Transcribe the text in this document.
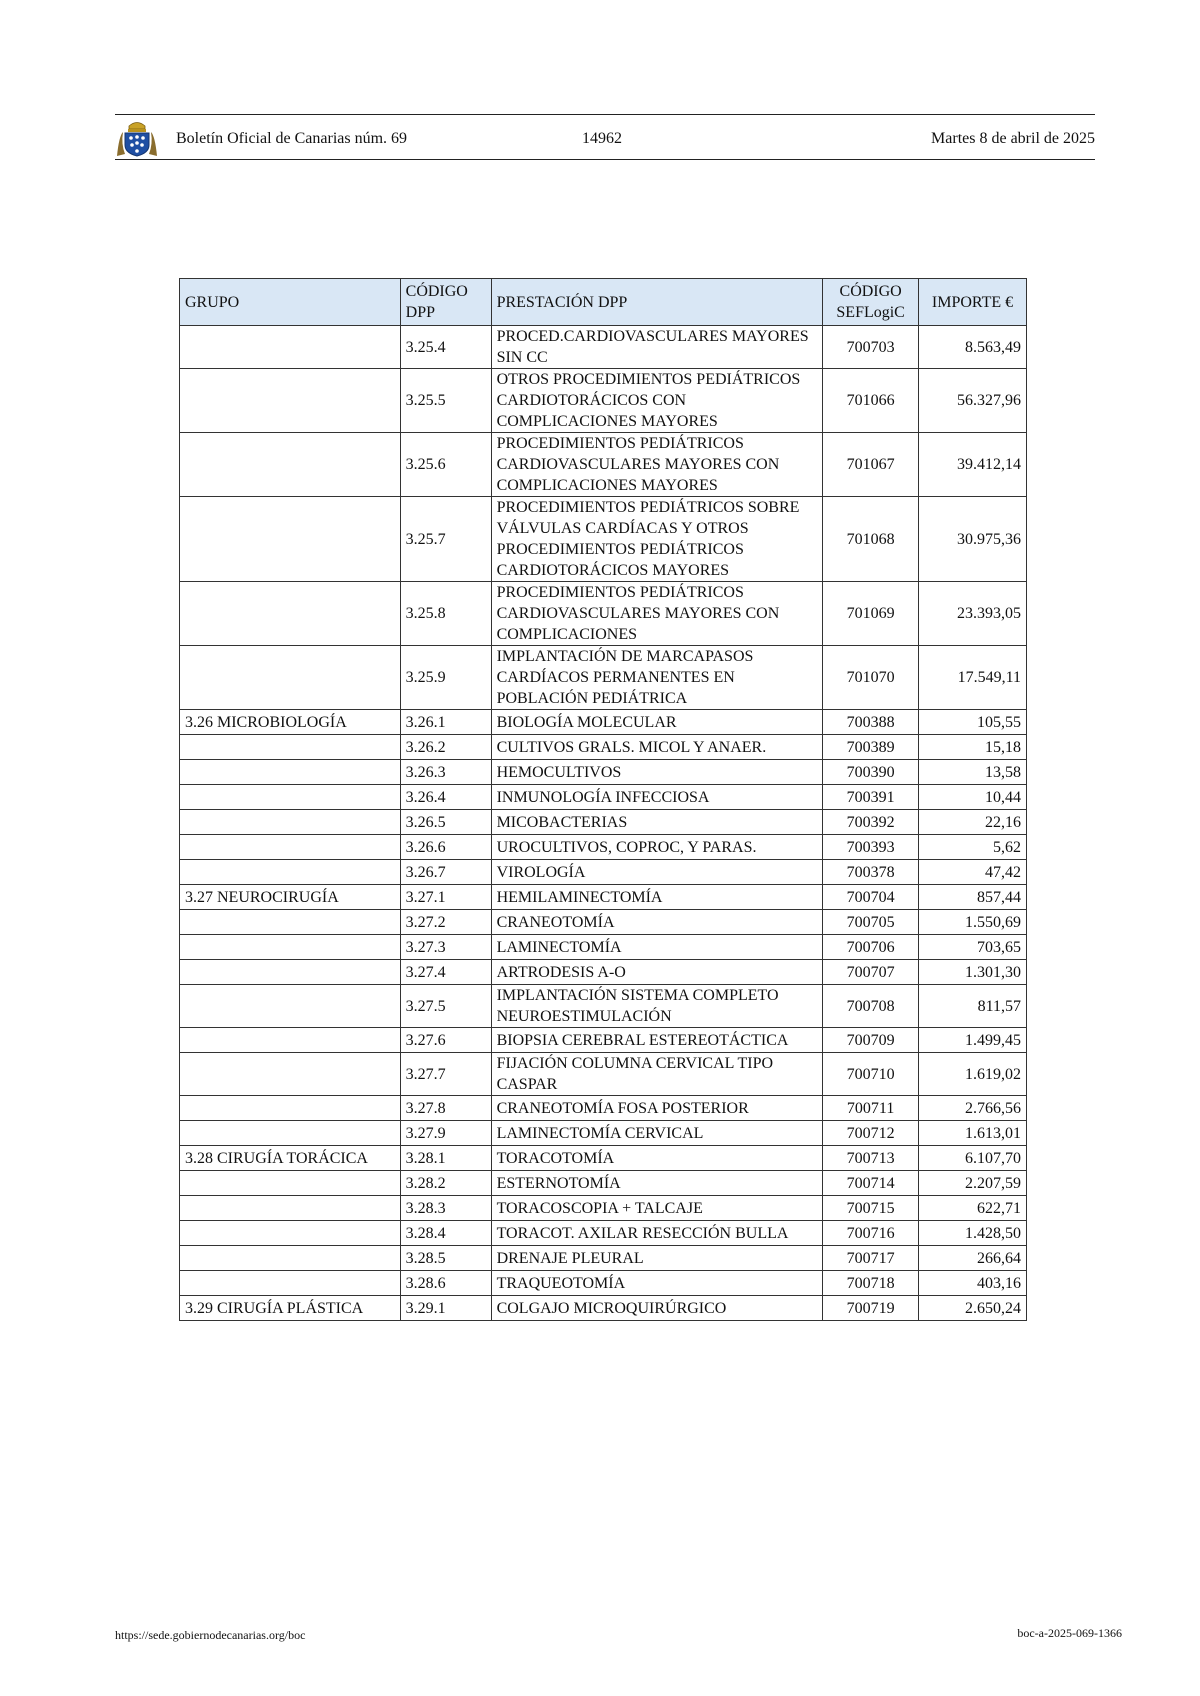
Boletín Oficial de Canarias núm. 69	14962	Martes 8 de abril de 2025
GRUPO	CÓDIGO DPP	PRESTACIÓN DPP	CÓDIGO SEFLogiC	IMPORTE €
	3.25.4	PROCED.CARDIOVASCULARES MAYORES SIN CC	700703	8.563,49
	3.25.5	OTROS PROCEDIMIENTOS PEDIÁTRICOS CARDIOTORÁCICOS CON COMPLICACIONES MAYORES	701066	56.327,96
	3.25.6	PROCEDIMIENTOS PEDIÁTRICOS CARDIOVASCULARES MAYORES CON COMPLICACIONES MAYORES	701067	39.412,14
	3.25.7	PROCEDIMIENTOS PEDIÁTRICOS SOBRE VÁLVULAS CARDÍACAS Y OTROS PROCEDIMIENTOS PEDIÁTRICOS CARDIOTORÁCICOS MAYORES	701068	30.975,36
	3.25.8	PROCEDIMIENTOS PEDIÁTRICOS CARDIOVASCULARES MAYORES CON COMPLICACIONES	701069	23.393,05
	3.25.9	IMPLANTACIÓN DE MARCAPASOS CARDÍACOS PERMANENTES EN POBLACIÓN PEDIÁTRICA	701070	17.549,11
3.26 MICROBIOLOGÍA	3.26.1	BIOLOGÍA MOLECULAR	700388	105,55
	3.26.2	CULTIVOS GRALS. MICOL Y ANAER.	700389	15,18
	3.26.3	HEMOCULTIVOS	700390	13,58
	3.26.4	INMUNOLOGÍA INFECCIOSA	700391	10,44
	3.26.5	MICOBACTERIAS	700392	22,16
	3.26.6	UROCULTIVOS, COPROC, Y PARAS.	700393	5,62
	3.26.7	VIROLOGÍA	700378	47,42
3.27 NEUROCIRUGÍA	3.27.1	HEMILAMINECTOMÍA	700704	857,44
	3.27.2	CRANEOTOMÍA	700705	1.550,69
	3.27.3	LAMINECTOMÍA	700706	703,65
	3.27.4	ARTRODESIS A-O	700707	1.301,30
	3.27.5	IMPLANTACIÓN SISTEMA COMPLETO NEUROESTIMULACIÓN	700708	811,57
	3.27.6	BIOPSIA CEREBRAL ESTEREOTÁCTICA	700709	1.499,45
	3.27.7	FIJACIÓN COLUMNA CERVICAL TIPO CASPAR	700710	1.619,02
	3.27.8	CRANEOTOMÍA FOSA POSTERIOR	700711	2.766,56
	3.27.9	LAMINECTOMÍA CERVICAL	700712	1.613,01
3.28 CIRUGÍA TORÁCICA	3.28.1	TORACOTOMÍA	700713	6.107,70
	3.28.2	ESTERNOTOMÍA	700714	2.207,59
	3.28.3	TORACOSCOPIA + TALCAJE	700715	622,71
	3.28.4	TORACOT. AXILAR RESECCIÓN BULLA	700716	1.428,50
	3.28.5	DRENAJE PLEURAL	700717	266,64
	3.28.6	TRAQUEOTOMÍA	700718	403,16
3.29 CIRUGÍA PLÁSTICA	3.29.1	COLGAJO MICROQUIRÚRGICO	700719	2.650,24
https://sede.gobiernodecanarias.org/boc	boc-a-2025-069-1366
